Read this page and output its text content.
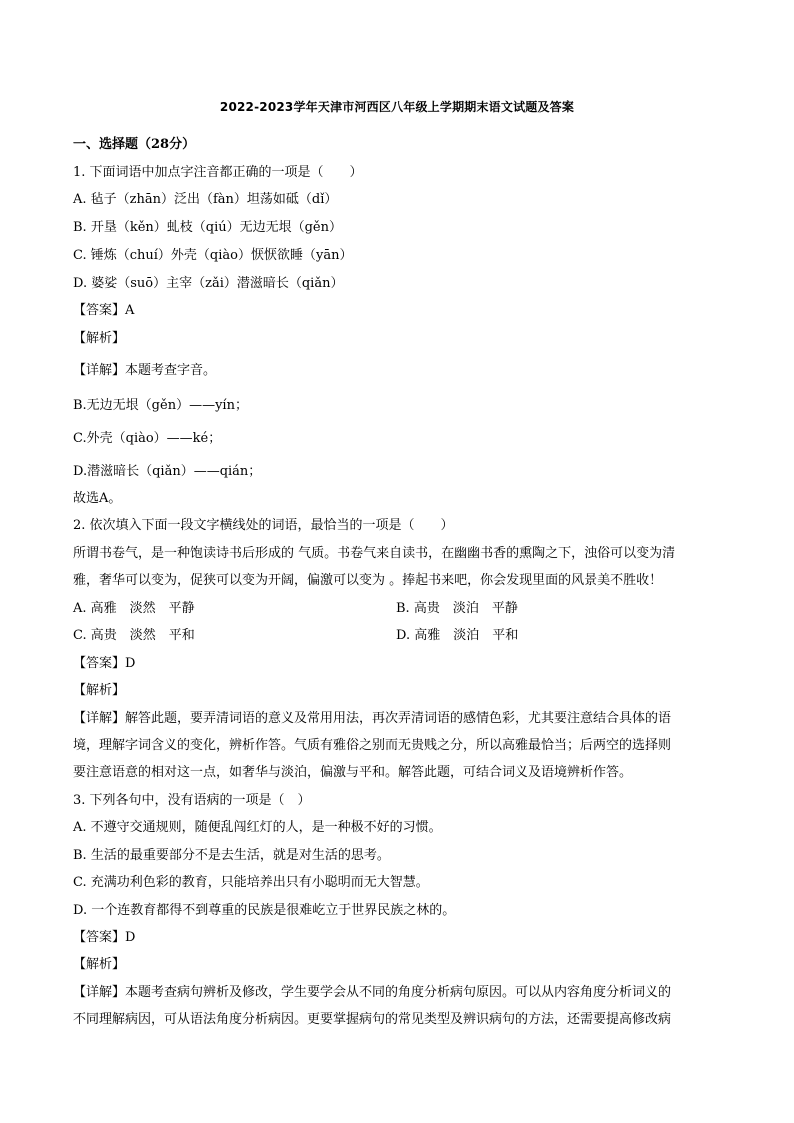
2022-2023学年天津市河西区八年级上学期期末语文试题及答案
一、选择题（28分）
1. 下面词语中加点字注音都正确的一项是（　　）
A. 毡子（zhān）泛出（fàn）坦荡如砥（dǐ）
B. 开垦（kěn）虬枝（qiú）无边无垠（gěn）
C. 锤炼（chuí）外壳（qiào）恹恹欲睡（yān）
D. 婆娑（suō）主宰（zǎi）潜滋暗长（qiǎn）
【答案】A
【解析】
【详解】本题考查字音。
B.无边无垠（gěn）——yín；
C.外壳（qiào）——ké；
D.潜滋暗长（qiǎn）——qián；
故选A。
2. 依次填入下面一段文字横线处的词语，最恰当的一项是（　　）
所谓书卷气，是一种饱读诗书后形成的 气质。书卷气来自读书，在幽幽书香的熏陶之下，浊俗可以变为清
雅，奢华可以变为，促狭可以变为开阔，偏激可以变为 。捧起书来吧，你会发现里面的风景美不胜收！
A. 高雅　淡然　平静	B. 高贵　淡泊　平静
C. 高贵　淡然　平和	D. 高雅　淡泊　平和
【答案】D
【解析】
【详解】解答此题，要弄清词语的意义及常用用法，再次弄清词语的感情色彩，尤其要注意结合具体的语
境，理解字词含义的变化，辨析作答。气质有雅俗之别而无贵贱之分，所以高雅最恰当；后两空的选择则
要注意语意的相对这一点，如奢华与淡泊，偏激与平和。解答此题，可结合词义及语境辨析作答。
3. 下列各句中，没有语病的一项是（　）
A. 不遵守交通规则，随便乱闯红灯的人，是一种极不好的习惯。
B. 生活的最重要部分不是去生活，就是对生活的思考。
C. 充满功利色彩的教育，只能培养出只有小聪明而无大智慧。
D. 一个连教育都得不到尊重的民族是很难屹立于世界民族之林的。
【答案】D
【解析】
【详解】本题考查病句辨析及修改，学生要学会从不同的角度分析病句原因。可以从内容角度分析词义的
不同理解病因，可从语法角度分析病因。更要掌握病句的常见类型及辨识病句的方法，还需要提高修改病
